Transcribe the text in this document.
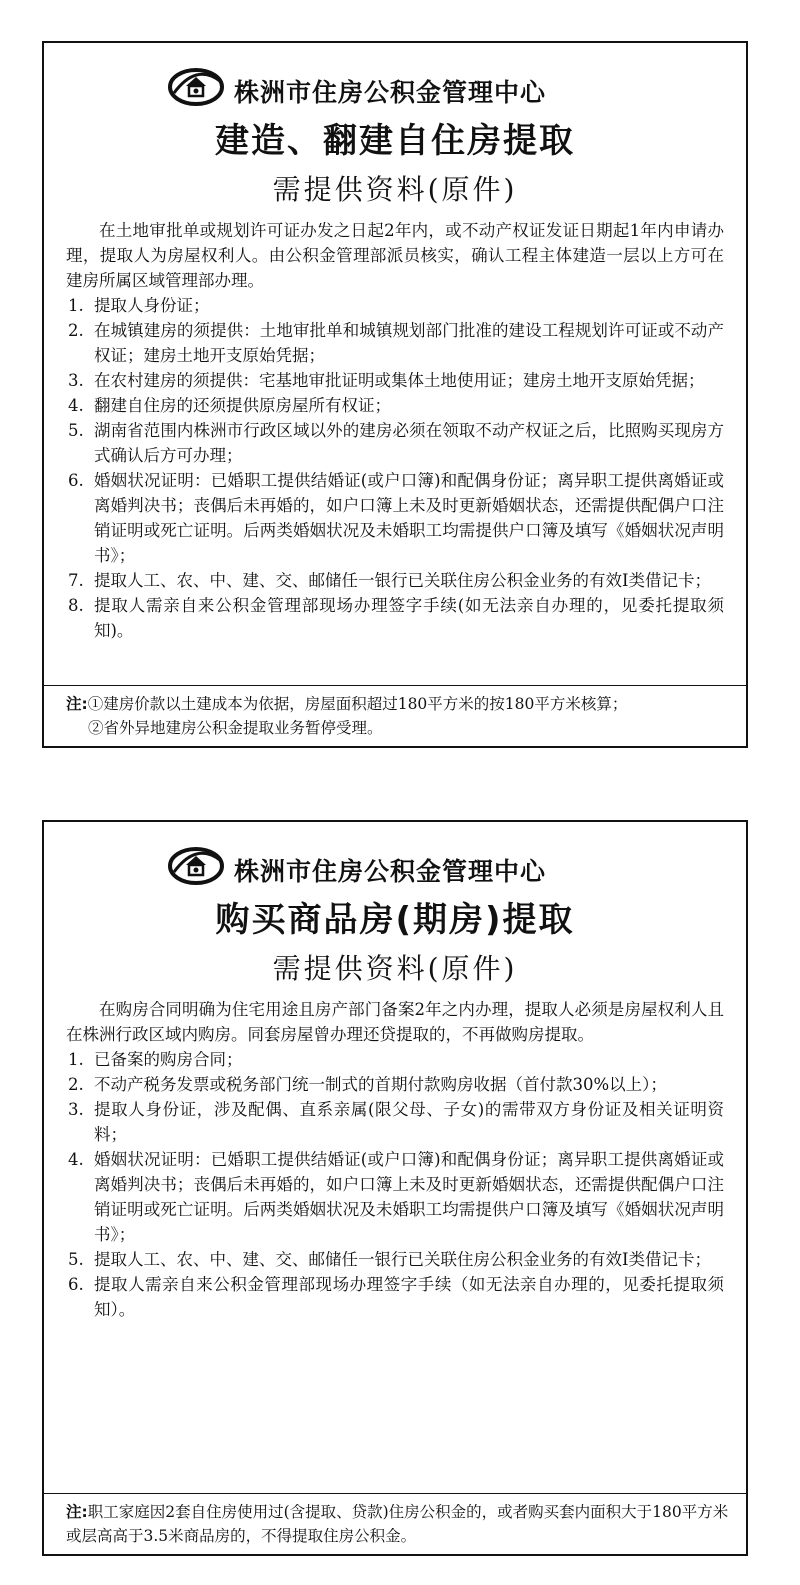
株洲市住房公积金管理中心
建造、翻建自住房提取
需提供资料(原件)

在土地审批单或规划许可证办发之日起2年内，或不动产权证发证日期起1年内申请办理，提取人为房屋权利人。由公积金管理部派员核实，确认工程主体建造一层以上方可在建房所属区域管理部办理。

1. 提取人身份证；
2. 在城镇建房的须提供：土地审批单和城镇规划部门批准的建设工程规划许可证或不动产权证；建房土地开支原始凭据；
3. 在农村建房的须提供：宅基地审批证明或集体土地使用证；建房土地开支原始凭据；
4. 翻建自住房的还须提供原房屋所有权证；
5. 湖南省范围内株洲市行政区域以外的建房必须在领取不动产权证之后，比照购买现房方式确认后方可办理；
6. 婚姻状况证明：已婚职工提供结婚证(或户口簿)和配偶身份证；离异职工提供离婚证或离婚判决书；丧偶后未再婚的，如户口簿上未及时更新婚姻状态，还需提供配偶户口注销证明或死亡证明。后两类婚姻状况及未婚职工均需提供户口簿及填写《婚姻状况声明书》；
7. 提取人工、农、中、建、交、邮储任一银行已关联住房公积金业务的有效Ⅰ类借记卡；
8. 提取人需亲自来公积金管理部现场办理签字手续(如无法亲自办理的，见委托提取须知)。
注:①建房价款以土建成本为依据，房屋面积超过180平方米的按180平方米核算；
②省外异地建房公积金提取业务暂停受理。
株洲市住房公积金管理中心
购买商品房(期房)提取
需提供资料(原件)

在购房合同明确为住宅用途且房产部门备案2年之内办理，提取人必须是房屋权利人且在株洲行政区域内购房。同套房屋曾办理还贷提取的，不再做购房提取。

1. 已备案的购房合同；
2. 不动产税务发票或税务部门统一制式的首期付款购房收据（首付款30%以上）；
3. 提取人身份证，涉及配偶、直系亲属(限父母、子女)的需带双方身份证及相关证明资料；
4. 婚姻状况证明：已婚职工提供结婚证(或户口簿)和配偶身份证；离异职工提供离婚证或离婚判决书；丧偶后未再婚的，如户口簿上未及时更新婚姻状态，还需提供配偶户口注销证明或死亡证明。后两类婚姻状况及未婚职工均需提供户口簿及填写《婚姻状况声明书》；
5. 提取人工、农、中、建、交、邮储任一银行已关联住房公积金业务的有效Ⅰ类借记卡；
6. 提取人需亲自来公积金管理部现场办理签字手续（如无法亲自办理的，见委托提取须知）。
注:职工家庭因2套自住房使用过(含提取、贷款)住房公积金的，或者购买套内面积大于180平方米或层高高于3.5米商品房的，不得提取住房公积金。
